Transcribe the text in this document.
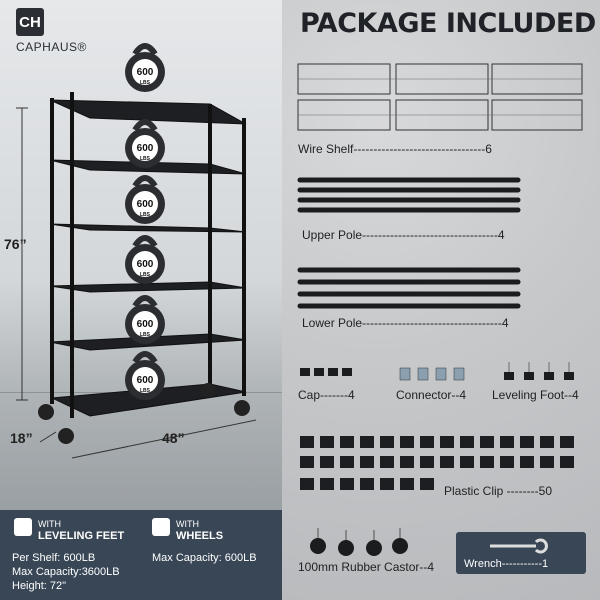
CH
CAPHAUS®
600
LBS
600
LBS
600
LBS
600
LBS
600
LBS
600
LBS
76”
18”	48”
PACKAGE INCLUDED
Wire Shelf---------------------------------6
Upper Pole----------------------------------4
Lower Pole-----------------------------------4
Cap-------4	Connector--4 Leveling Foot--4
Plastic Clip --------50
100mm Rubber Castor--4	Wrench-----------1
WITH
LEVELING FEET
WITH
WHEELS
Per Shelf: 600LB
Max Capacity:3600LB
Height: 72"
Max Capacity: 600LB
